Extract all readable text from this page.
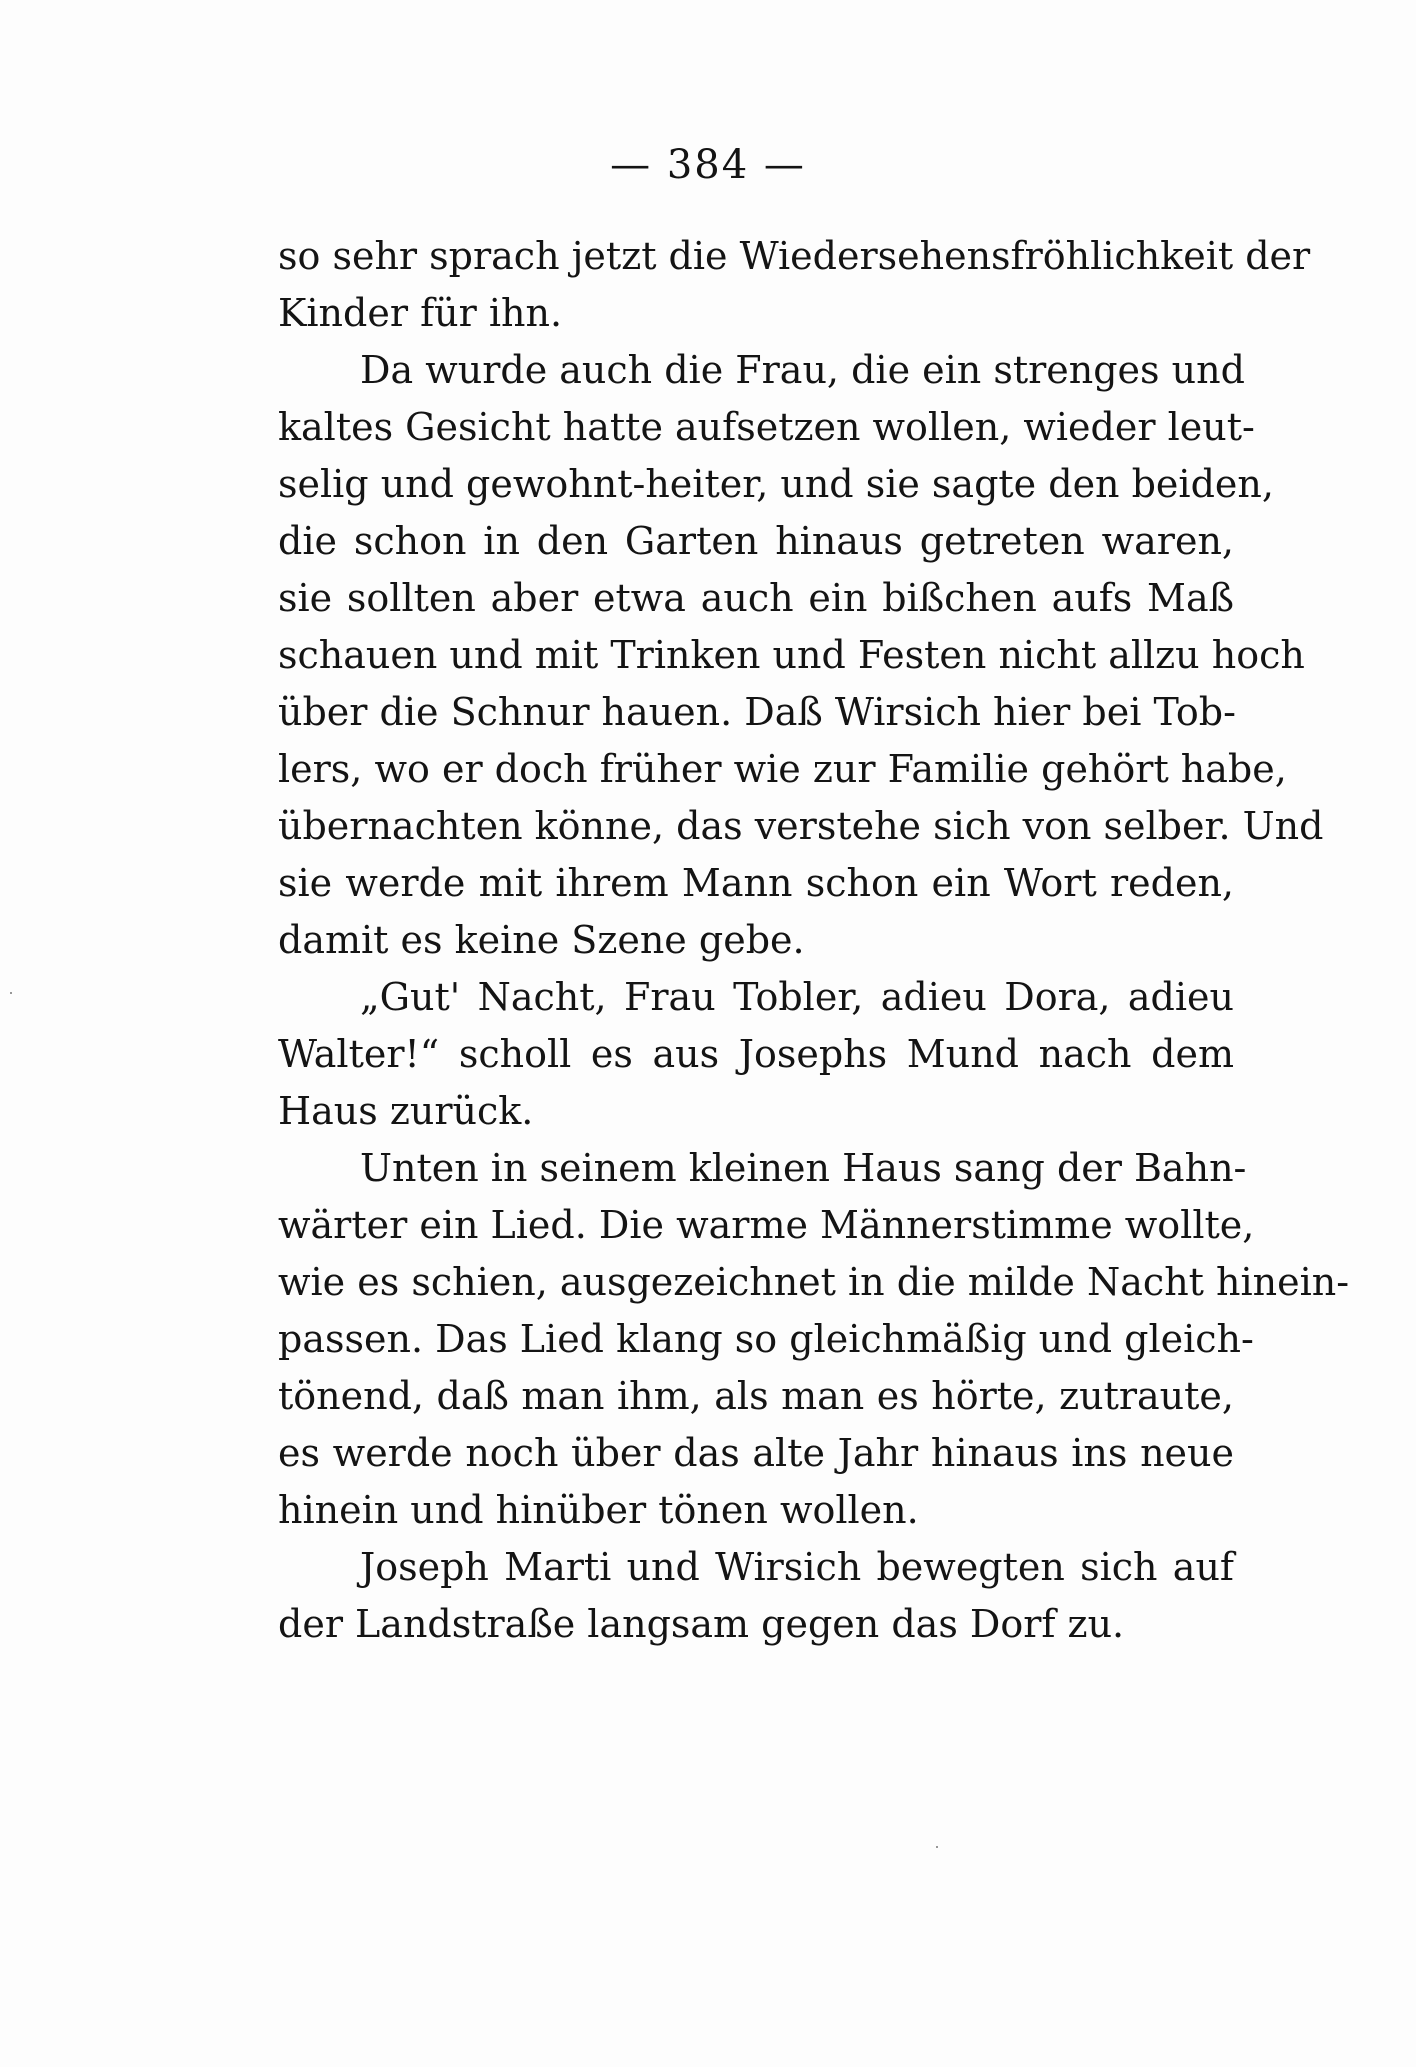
— 384 —
so sehr sprach jetzt die Wiedersehensfröhlichkeit der
Kinder für ihn.
Da wurde auch die Frau, die ein strenges und
kaltes Gesicht hatte aufsetzen wollen, wieder leut-
selig und gewohnt-heiter, und sie sagte den beiden,
die schon in den Garten hinaus getreten waren,
sie sollten aber etwa auch ein bißchen aufs Maß
schauen und mit Trinken und Festen nicht allzu hoch
über die Schnur hauen. Daß Wirsich hier bei Tob-
lers, wo er doch früher wie zur Familie gehört habe,
übernachten könne, das verstehe sich von selber. Und
sie werde mit ihrem Mann schon ein Wort reden,
damit es keine Szene gebe.
„Gut' Nacht, Frau Tobler, adieu Dora, adieu
Walter!“ scholl es aus Josephs Mund nach dem
Haus zurück.
Unten in seinem kleinen Haus sang der Bahn-
wärter ein Lied. Die warme Männerstimme wollte,
wie es schien, ausgezeichnet in die milde Nacht hinein-
passen. Das Lied klang so gleichmäßig und gleich-
tönend, daß man ihm, als man es hörte, zutraute,
es werde noch über das alte Jahr hinaus ins neue
hinein und hinüber tönen wollen.
Joseph Marti und Wirsich bewegten sich auf
der Landstraße langsam gegen das Dorf zu.
